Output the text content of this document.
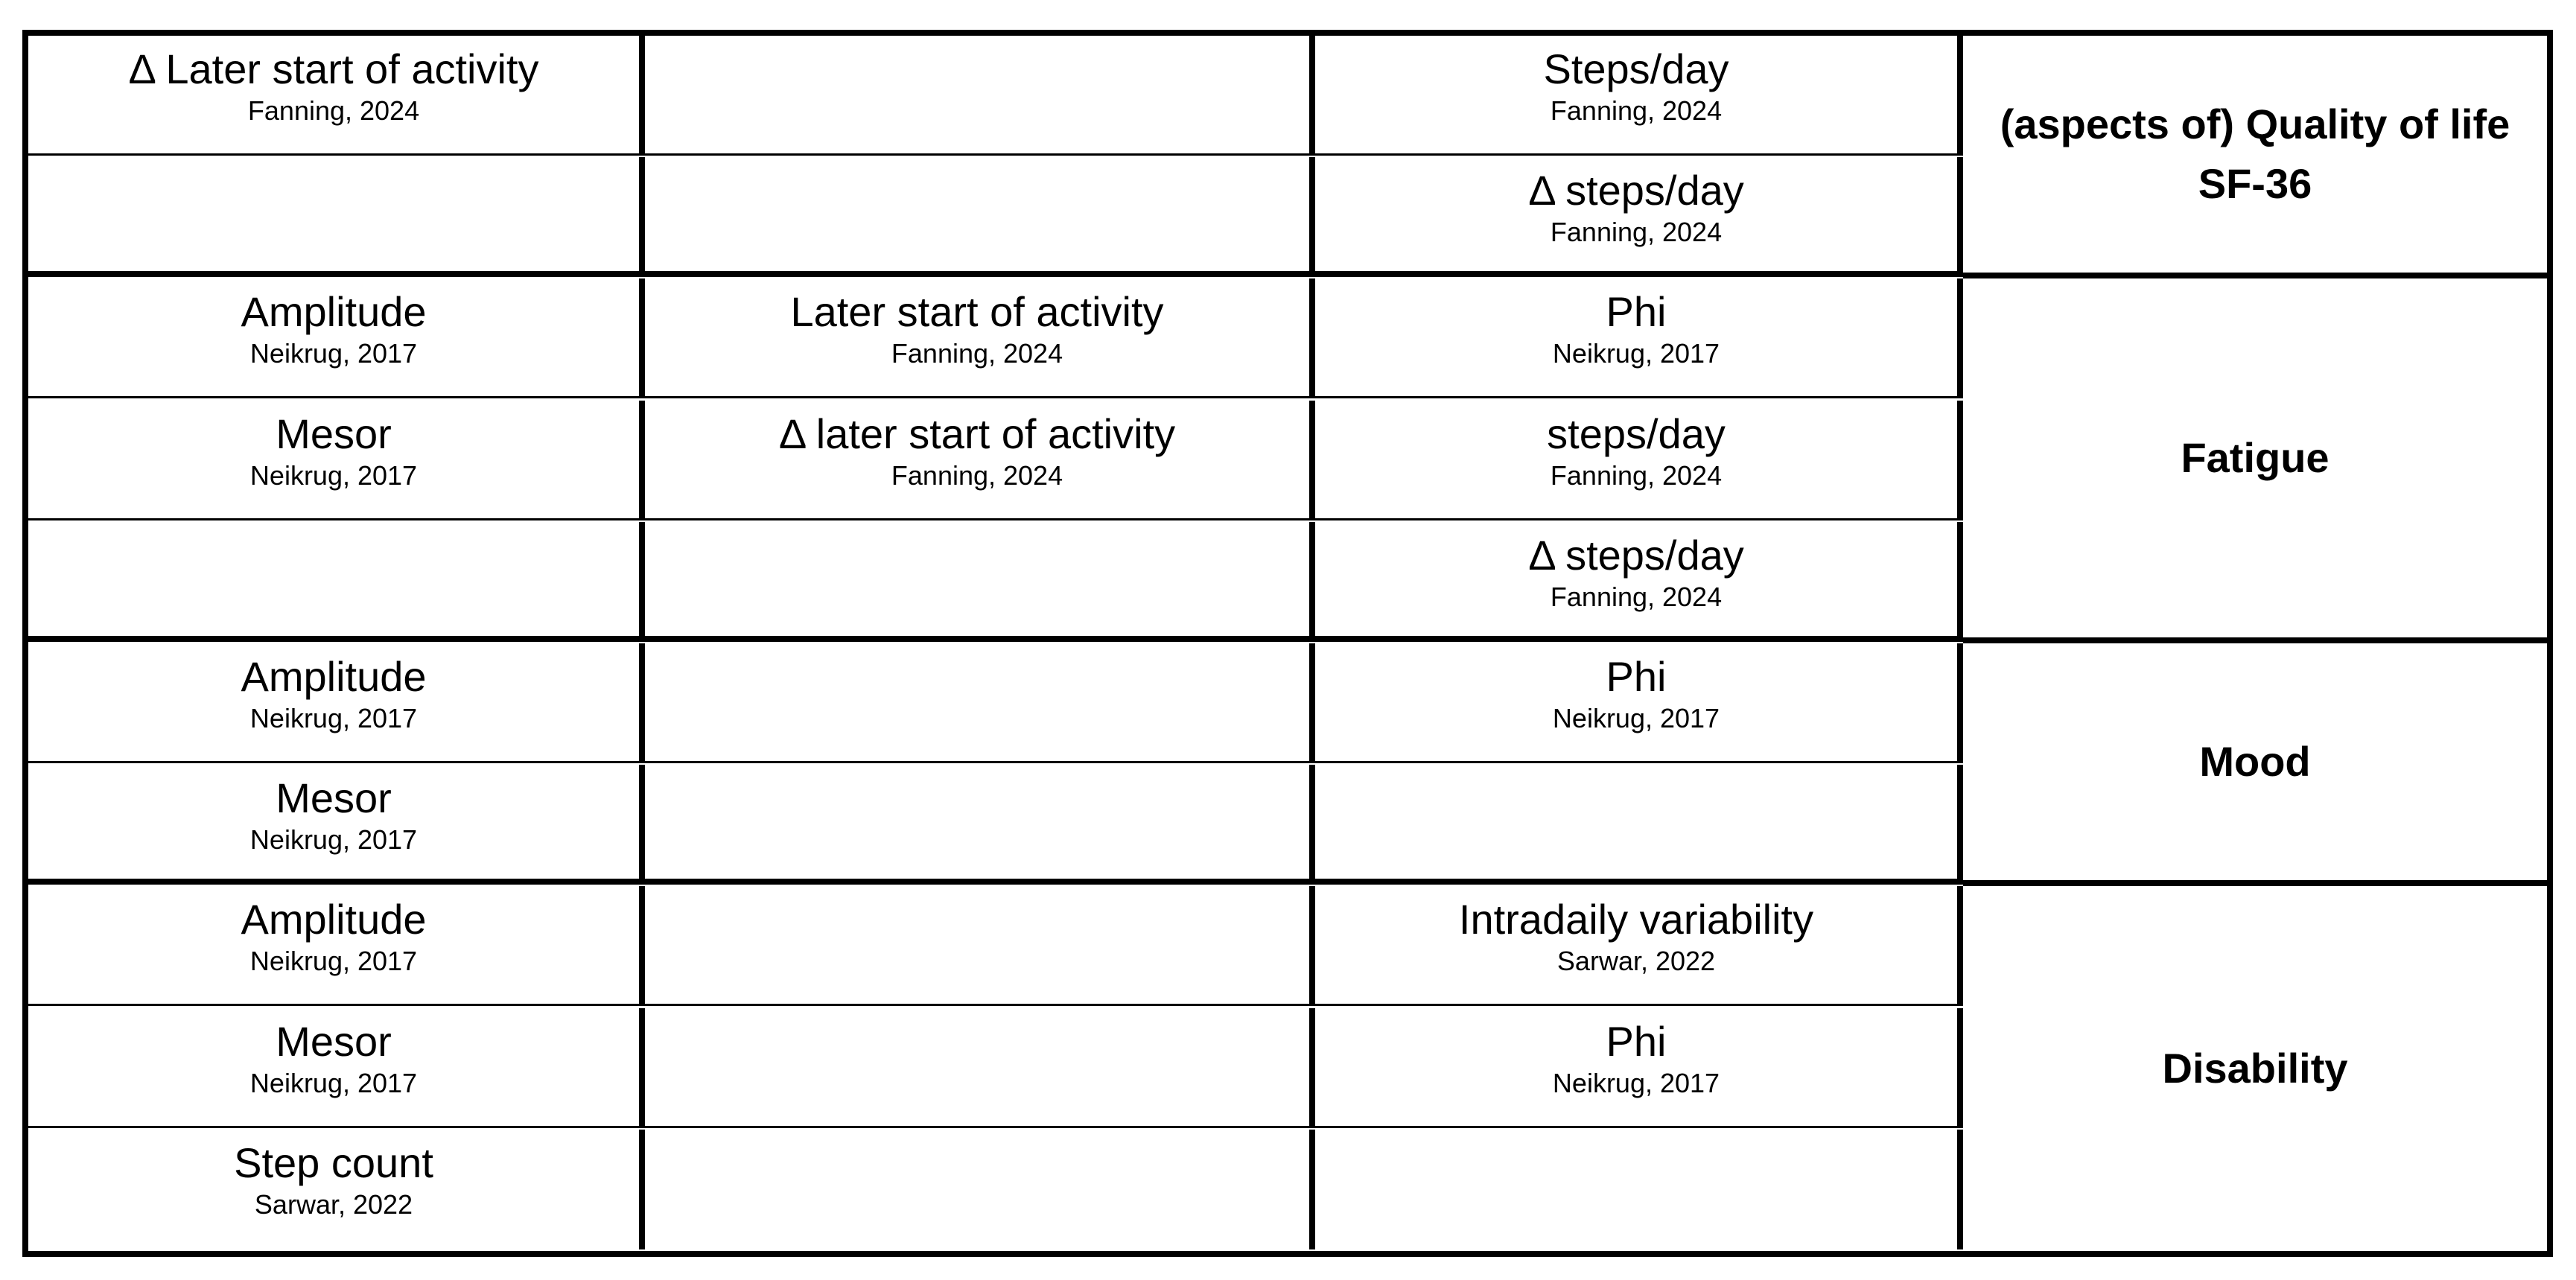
Δ Later start of activity
Fanning, 2024
Steps/day
Fanning, 2024
Δ steps/day
Fanning, 2024
(aspects of) Quality of life SF-36
Amplitude
Neikrug, 2017
Later start of activity
Fanning, 2024
Phi
Neikrug, 2017
Mesor
Neikrug, 2017
Δ later start of activity
Fanning, 2024
steps/day
Fanning, 2024
Δ steps/day
Fanning, 2024
Fatigue
Amplitude
Neikrug, 2017
Phi
Neikrug, 2017
Mesor
Neikrug, 2017
Mood
Amplitude
Neikrug, 2017
Intradaily variability
Sarwar, 2022
Mesor
Neikrug, 2017
Phi
Neikrug, 2017
Step count
Sarwar, 2022
Disability
